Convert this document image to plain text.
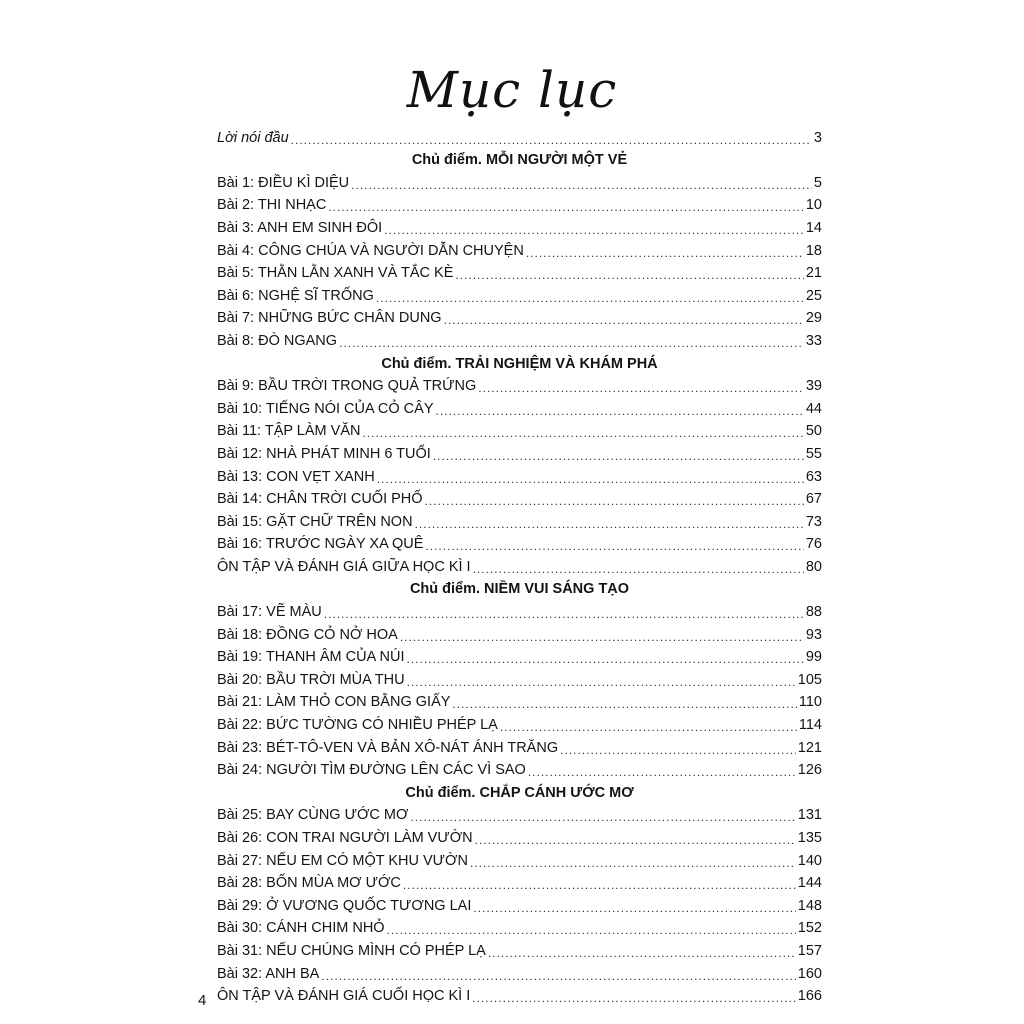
Mục lục
Lời nói đầu .....	3
Chủ điểm. MỖI NGƯỜI MỘT VẺ
Bài 1: ĐIỀU KÌ DIỆU .....	5
Bài 2: THI NHẠC .....	10
Bài 3: ANH EM SINH ĐÔI .....	14
Bài 4: CÔNG CHÚA VÀ NGƯỜI DẪN CHUYỆN .....	18
Bài 5: THẰN LẰN XANH VÀ TẮC KÈ .....	21
Bài 6: NGHỆ SĨ TRỐNG .....	25
Bài 7: NHỮNG BỨC CHÂN DUNG .....	29
Bài 8: ĐÒ NGANG .....	33
Chủ điểm. TRẢI NGHIỆM VÀ KHÁM PHÁ
Bài 9: BẦU TRỜI TRONG QUẢ TRỨNG .....	39
Bài 10: TIẾNG NÓI CỦA CỎ CÂY .....	44
Bài 11: TẬP LÀM VĂN .....	50
Bài 12: NHÀ PHÁT MINH 6 TUỔI .....	55
Bài 13: CON VẸT XANH .....	63
Bài 14: CHÂN TRỜI CUỐI PHỐ .....	67
Bài 15: GẶT CHỮ TRÊN NON .....	73
Bài 16: TRƯỚC NGÀY XA QUÊ .....	76
ÔN TẬP VÀ ĐÁNH GIÁ GIỮA HỌC KÌ I .....	80
Chủ điểm. NIỀM VUI SÁNG TẠO
Bài 17: VẼ MÀU .....	88
Bài 18: ĐỒNG CỎ NỞ HOA .....	93
Bài 19: THANH ÂM CỦA NÚI .....	99
Bài 20: BẦU TRỜI MÙA THU .....	105
Bài 21: LÀM THỎ CON BẰNG GIẤY .....	110
Bài 22: BỨC TƯỜNG CÓ NHIỀU PHÉP LẠ .....	114
Bài 23: BÉT-TÔ-VEN VÀ BẢN XÔ-NÁT ÁNH TRĂNG .....	121
Bài 24: NGƯỜI TÌM ĐƯỜNG LÊN CÁC VÌ SAO .....	126
Chủ điểm. CHẮP CÁNH ƯỚC MƠ
Bài 25: BAY CÙNG ƯỚC MƠ .....	131
Bài 26: CON TRAI NGƯỜI LÀM VƯỜN .....	135
Bài 27: NẾU EM CÓ MỘT KHU VƯỜN .....	140
Bài 28: BỐN MÙA MƠ ƯỚC .....	144
Bài 29: Ở VƯƠNG QUỐC TƯƠNG LAI .....	148
Bài 30: CÁNH CHIM NHỎ .....	152
Bài 31: NẾU CHÚNG MÌNH CÓ PHÉP LẠ .....	157
Bài 32: ANH BA .....	160
ÔN TẬP VÀ ĐÁNH GIÁ CUỐI HỌC KÌ I .....	166
4
